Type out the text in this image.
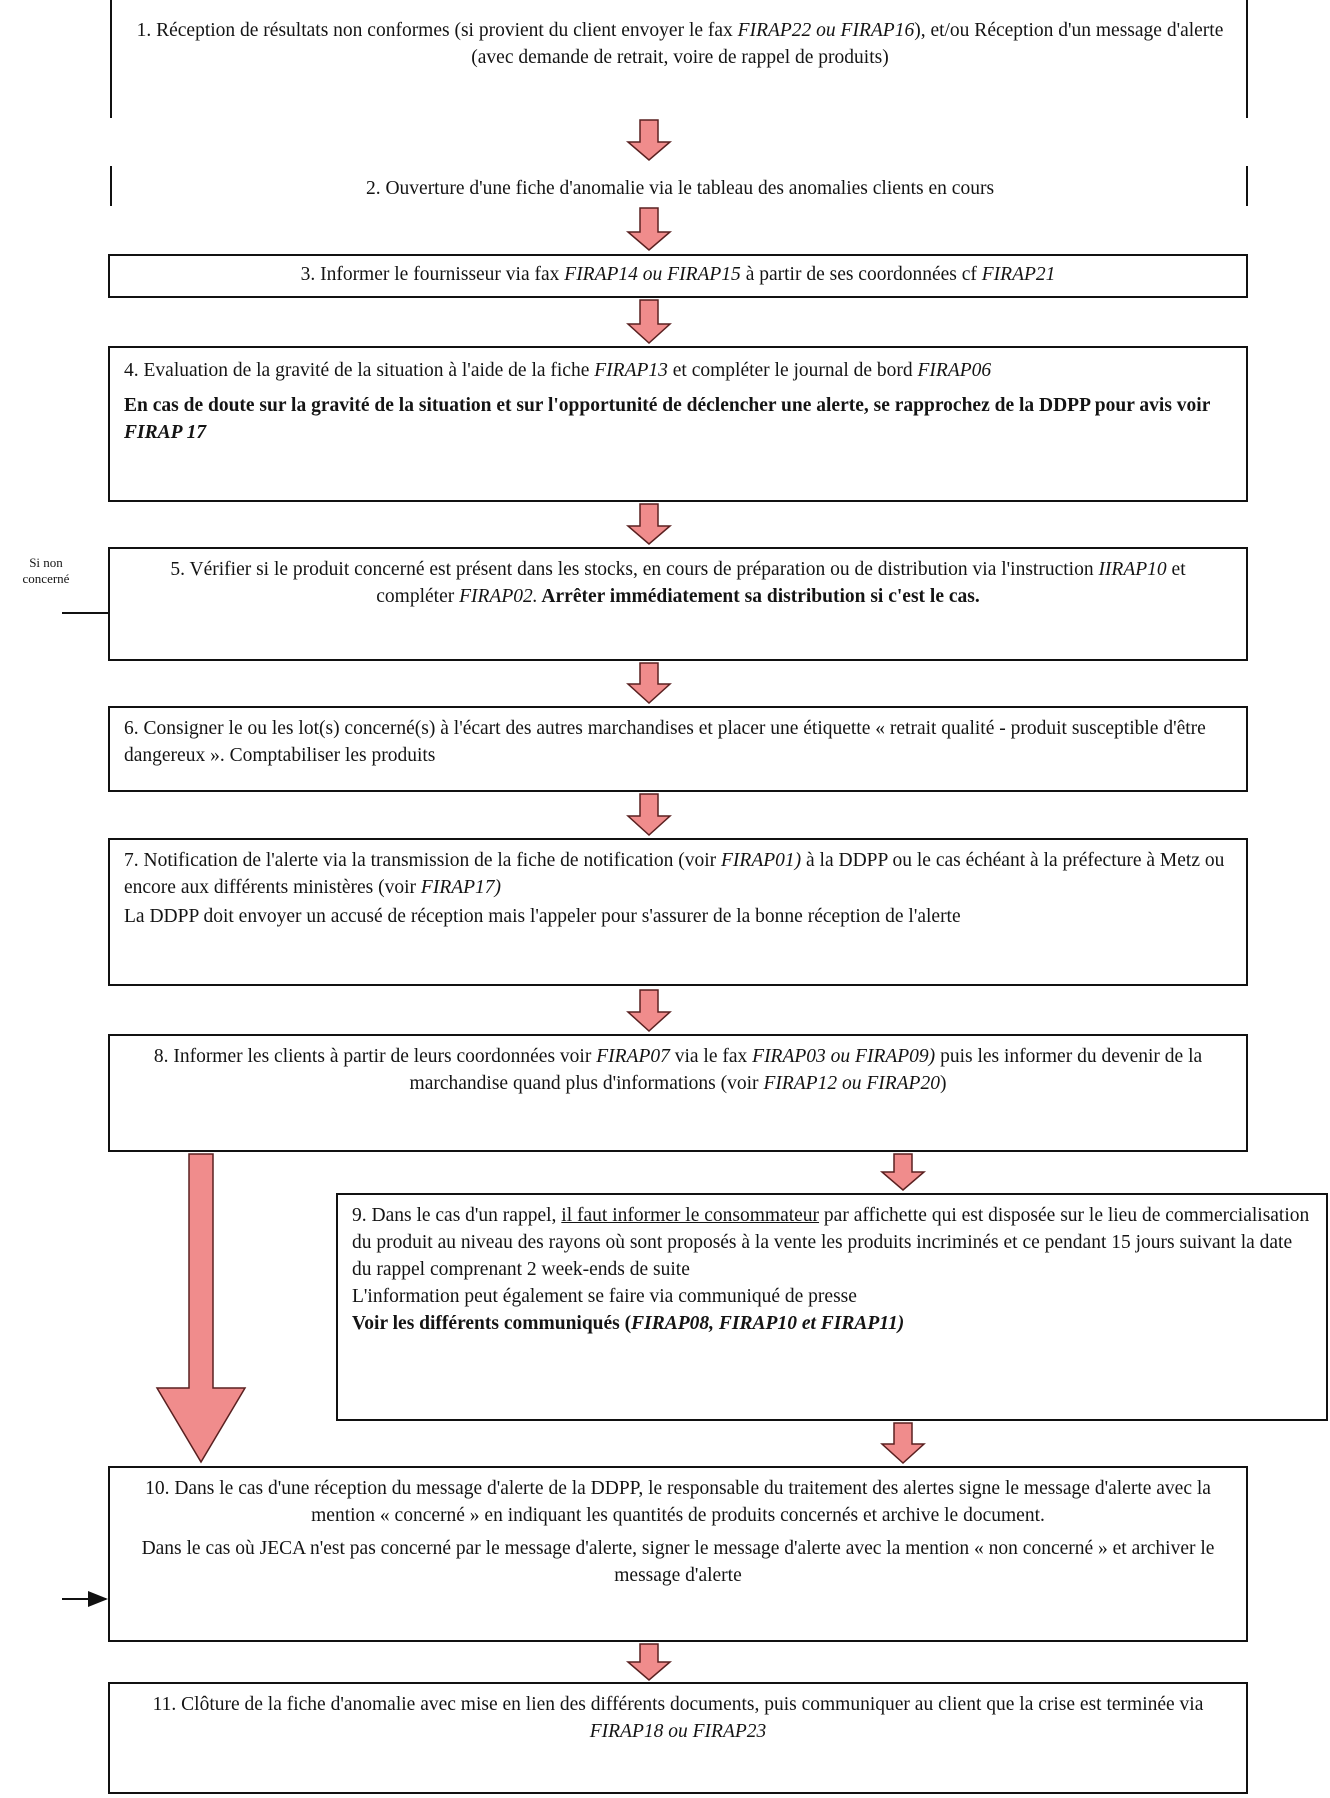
1. Réception de résultats non conformes (si provient du client envoyer le fax FIRAP22 ou FIRAP16), et/ou Réception d'un message d'alerte (avec demande de retrait, voire de rappel de produits)
2. Ouverture d'une fiche d'anomalie via le tableau des anomalies clients en cours
3. Informer le fournisseur via fax FIRAP14 ou FIRAP15 à partir de ses coordonnées cf FIRAP21

4. Evaluation de la gravité de la situation à l'aide de la fiche FIRAP13 et compléter le journal de bord FIRAP06

En cas de doute sur la gravité de la situation et sur l'opportunité de déclencher une alerte, se rapprochez de la DDPP pour avis voir FIRAP 17

Si non concerné	5. Vérifier si le produit concerné est présent dans les stocks, en cours de préparation ou de distribution via l'instruction IIRAP10 et compléter FIRAP02. Arrêter immédiatement sa distribution si c'est le cas.
6. Consigner le ou les lot(s) concerné(s) à l'écart des autres marchandises et placer une étiquette « retrait qualité - produit susceptible d'être dangereux ». Comptabiliser les produits

7. Notification de l'alerte via la transmission de la fiche de notification (voir FIRAP01) à la DDPP ou le cas échéant à la préfecture à Metz ou encore aux différents ministères (voir FIRAP17)

La DDPP doit envoyer un accusé de réception mais l'appeler pour s'assurer de la bonne réception de l'alerte

8. Informer les clients à partir de leurs coordonnées voir FIRAP07 via le fax FIRAP03 ou FIRAP09) puis les informer du devenir de la marchandise quand plus d'informations (voir FIRAP12 ou FIRAP20)

9. Dans le cas d'un rappel, il faut informer le consommateur par affichette qui est disposée sur le lieu de commercialisation du produit au niveau des rayons où sont proposés à la vente les produits incriminés et ce pendant 15 jours suivant la date du rappel comprenant 2 week-ends de suite

L'information peut également se faire via communiqué de presse

Voir les différents communiqués (FIRAP08, FIRAP10 et FIRAP11)

10. Dans le cas d'une réception du message d'alerte de la DDPP, le responsable du traitement des alertes signe le message d'alerte avec la mention « concerné » en indiquant les quantités de produits concernés et archive le document.

Dans le cas où JECA n'est pas concerné par le message d'alerte, signer le message d'alerte avec la mention « non concerné » et archiver le message d'alerte

11. Clôture de la fiche d'anomalie avec mise en lien des différents documents, puis communiquer au client que la crise est terminée via FIRAP18 ou FIRAP23
